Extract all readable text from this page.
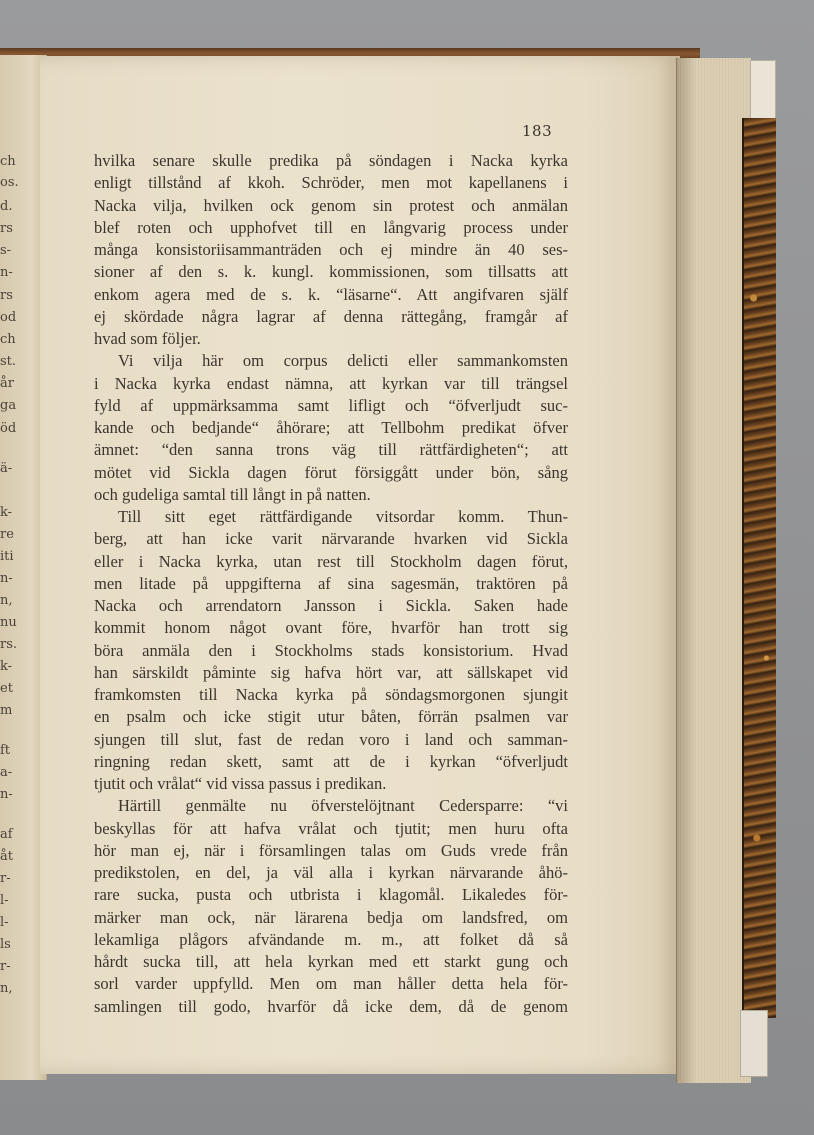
ch
os.
d.
rs
s-
n-
rs
od
ch
st.
år
ga
öd
ä-
k-
re
iti
n-
n,
nu
rs.
k-
et
m
ft
a-
n-
af
åt
r-
l-
l-
ls
r-
n,
183
hvilka senare skulle predika på söndagen i Nacka kyrka
enligt tillstånd af kkoh. Schröder, men mot kapellanens i
Nacka vilja, hvilken ock genom sin protest och anmälan
blef roten och upphofvet till en långvarig process under
många konsistoriisammanträden och ej mindre än 40 ses-
sioner af den s. k. kungl. kommissionen, som tillsatts att
enkom agera med de s. k. “läsarne“. Att angifvaren själf
ej skördade några lagrar af denna rättegång, framgår af
hvad som följer.
Vi vilja här om corpus delicti eller sammankomsten
i Nacka kyrka endast nämna, att kyrkan var till trängsel
fyld af uppmärksamma samt lifligt och “öfverljudt suc-
kande och bedjande“ åhörare; att Tellbohm predikat öfver
ämnet: “den sanna trons väg till rättfärdigheten“; att
mötet vid Sickla dagen förut försiggått under bön, sång
och gudeliga samtal till långt in på natten.
Till sitt eget rättfärdigande vitsordar komm. Thun-
berg, att han icke varit närvarande hvarken vid Sickla
eller i Nacka kyrka, utan rest till Stockholm dagen förut,
men litade på uppgifterna af sina sagesmän, traktören på
Nacka och arrendatorn Jansson i Sickla. Saken hade
kommit honom något ovant före, hvarför han trott sig
böra anmäla den i Stockholms stads konsistorium. Hvad
han särskildt påminte sig hafva hört var, att sällskapet vid
framkomsten till Nacka kyrka på söndagsmorgonen sjungit
en psalm och icke stigit utur båten, förrän psalmen var
sjungen till slut, fast de redan voro i land och samman-
ringning redan skett, samt att de i kyrkan “öfverljudt
tjutit och vrålat“ vid vissa passus i predikan.
Härtill genmälte nu öfverstelöjtnant Cedersparre: “vi
beskyllas för att hafva vrålat och tjutit; men huru ofta
hör man ej, när i församlingen talas om Guds vrede från
predikstolen, en del, ja väl alla i kyrkan närvarande åhö-
rare sucka, pusta och utbrista i klagomål. Likaledes för-
märker man ock, när lärarena bedja om landsfred, om
lekamliga plågors afvändande m. m., att folket då så
hårdt sucka till, att hela kyrkan med ett starkt gung och
sorl varder uppfylld. Men om man håller detta hela för-
samlingen till godo, hvarför då icke dem, då de genom
